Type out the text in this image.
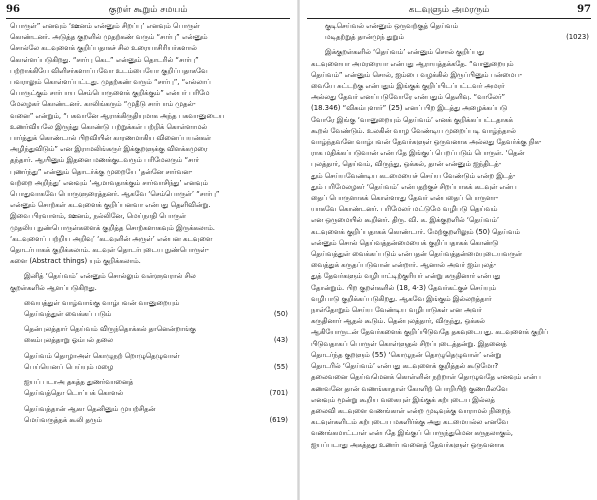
96	குறள் கூறும் சமயம்
பொருள்” எனவும் ‘ஊனம் என்னும் சிறப்பு’ எனவும் பொருள்
கொண்டனர். அடுத்த குறளில் முதற்கண் வரும் “சார்பு” என்னும்
சொல்லே கடவுளைக் குறிப்பதாகச் சில உரையாசிரியர்களால்
கொள்ளப்படுகிறது. “சார்பு கெட” என்னும் தொடரில் “சார்பு”
பற்றாக்கியே விளிசர்களாப்பவோ உடம்பையோ குறிப்பதாகவே
பவராலும் கொள்ளப்பட்டது. முதற்கண் வரும் “சார்பு”, “எல்லாப்
பொருட்கும் சார்பாய செம்பொருளைக் குறிக்கும்” என்பர் பரிமே
மேலழகர் கொண்டனர். காலிங்கரும் “முதீடு சார்பாம் முதல்-
வனை” என்றும், “பகவானே ஆராக்கிருதியுமாக அந்த பகவானுடைய
உணர்வியலே இருந்து கொண்டு பற்றுக்கள் பற்றிக் கொள்ளாமல்
பார்த்துக் கொண்டால் பிறவியின் காரணமாகிய வினைப்பயன்கள்
அழிந்துவிடும்” என இராமலிங்கருர் இக்குறளுக்கு விளக்கமுரை
தந்தார். ஆயினும் இதனை மணக்குடவரும் பரிமேலரும் “சார்
புணர்ந்து” என்னும் தொடர்க்கு முறையே ‘தன்னே சார்வன-
வற்றை அறிந்து’ எனவும் ‘ஆமாவதாக்கும் சார்வாசிந்து’ எனவும்
பொதுவாகவே பொருளுரைத்தனர். ஆகவே ‘செம்பொருள்’ “சார்பு”
என்னும் சொற்கள் கடவுளைக் குறிப்பனவா என்பது தெளிவின்று.
இவை பிரவாளம், ஊனம், நல்லினே, மெய்நாதி பொருள்
முதலிய நுண்பொருள்களைக் குறித்த சொற்களாகவும் இருக்கலாம்.
‘கடவுளைப் பற்றிய அறிவு’ ‘கடவுளின் அருள்’ என்பன கடவுளை
தொடர்பாகக் குறிக்கலாம். கடவுள் தொடர்புடைய நுண்பொருள்-
களை (Abstract things) யும் குறிக்கலாம்.
இனித் ‘தெய்வம்’ என்னும் சொல்லும் வள்ளுவரால் சில
குறள்களில் ஆளப்படுகிறது.
வையத்துள் வாழ்வாங்கு வாழ்பவன் வானுறையும்
தெய்வத்துள் வைக்கப் படும்	(50)
தென்புலத்தார் தெய்வம் விருந்தொக்கல் தானென்றாங்கு
கைம்புலத்தாறு ஓம்பல் தலை	(43)
தெய்வம் தொழாஅள் கொழுநற் றொழுதெழுவாள்
பெய்யெனப் பெய்யும் மழை	(55)
ஐயப் படாஅ தகத்த துணர்வானைத்
தெய்வத்தொ டொப்பக் கொளல்	(701)
தெய்வத்தான் ஆகா தெனினும் முயற்சிதன்
மெய்வருத்தக் கூலி தரும்	(619)
கடவுளும் அமரரும்	97
குடிசெய்வல் என்னும் ஒருவற்குத் தெய்வம்
மடிதற்றுத் தான்முந் துறும்	(1023)
இக்குறள்களில் ‘தெய்வம்’ என்னும் சொல் குறிப்பது
கடவுளையா அமரரையா என்பது ஆராயத்தக்கதே. “வானுறையும்
தெய்வம்” என்னும் சொல், ஐம்பை வழக்கில் இருப்பினும் பன்மைப-
வையே சுட்டற்கு என்பதும் இங்குக் குறிப்பிடப்பட்டவர் அமரர்
அல்லது தேவர் எனப்படுவோரே என்பதும் தெளிவு. “வாலேர்”
(18.346) “விசும்புளார்” (25) எனப் பிற இடத்து அழைக்கப்படு
வோரே இங்கு ‘வானுறையும் தெய்வம்’ எனக் குறிக்கப்பட்டதாகக்
கூறல் வேண்டும். உலகின் வாழ வேண்டிய முறைப்படி வாழ்ந்தால்
வாழ்ந்தவனே வாழ்பவன் தேவர்களுள் ஒருவனாக அல்லது தேவர்க்கு நிக-
ராக மதிக்கப்படுவான் என்பதே இங்குப் பெறப்படும் பொருள். ‘தென்
புலத்தார், தெய்வம், விருந்து, ஒக்கல், தான் என்னும் ஐந்திடத்-
தும் செய்யவேண்டிய கடமையைச் செய்ய வேண்டும் என்ற இடத்-
தும் பரிமேலழகர் ‘தெய்வம்’ என்பதற்குச் சிறப்பாகக் கடவுள் என்ப
தைப் பொருளாகக் கொள்ளாது தேவர் என்பதைப் பொருளா-
யாகவே கொண்டனர். பரிமேலர் மட்டுமே வழிபடு தெய்வம்
என ஒருமையில் கூறினர். திரு. வி. க. இக்குறளில் ‘தெய்வம்’
கடவுளைக் குறிப்பதாகக் கொண்டார். மேற்குறளிலும் (50) தெய்வம்
என்னும் சொல் தெய்வத்தன்மையைக் குறிப்பதாகக் கொண்டு
தெய்வத்துள் வைக்கப்படும் என்பதன் தெய்வத்தன்மையுடையவருள்
வைத்துக் கருதப்படுவான் என்றார். ஆனால் அவர் ஐம்புலத்-
துத் தேவர்களும் வழிபாட்டிற்குரியர் என்று கருதினார் என்பது
தோன்றும். பிற குறள்களில் (18, 4·3) தேவர்கட்குச் செய்யும்
வழிபாடு குறிக்கப்படுகிறது. ஆகவே இங்கும் இல்லறத்தார்
நாள்தோறும் செய்ய வேண்டிய வழிபாடுகள் என அவர்
கருதினார் ஆதல் கூடும். தென்புலத்தார், விருந்து, ஒக்கல்
ஆகியோருடன் தேவர்களைக் குறிப்பிடுவதே தகவுடையது. கடவுளைக் குறிப்
பிடுவதாகப் பொருள் கொள்ளுதல் சிறப்புடைத்தன்று. இதனைத்
தொடர்ந்த குறளும் (55) ‘கொழுநன் தொழுதெழுவாள்’ என்று
தொடரில் ‘தெய்வம்’ என்பது கடவுளைக் குறித்தல் கூடுமோ?
தலைவனை தெய்வமெனக் கொள்ளின் நற்றாள் தொழுவதே எனவும் என்ப
கணவனே தான் வணங்காதாள் கோளிற் பொறியிற் குணமிலவே
எனவும் மூன்று கூறிய வகையுள் இங்குக் கற்புடைய இல்லத்
தலைவி கடவுளை வணங்காள் என்ற முடிவுக்கு வாராமல் நிறைந்
கடவுள்களிடம் கற்புடைய மகளிர்க்கு அது கடமையல்ல எனவே
வணங்கமாட்டாள் என்பதே இங்குப் பொருந்துமென கருதலாகும்,
ஐயப்படாது அகத்தது உணர்பவனைத் தேவர்களுள் ஒருவனாக
